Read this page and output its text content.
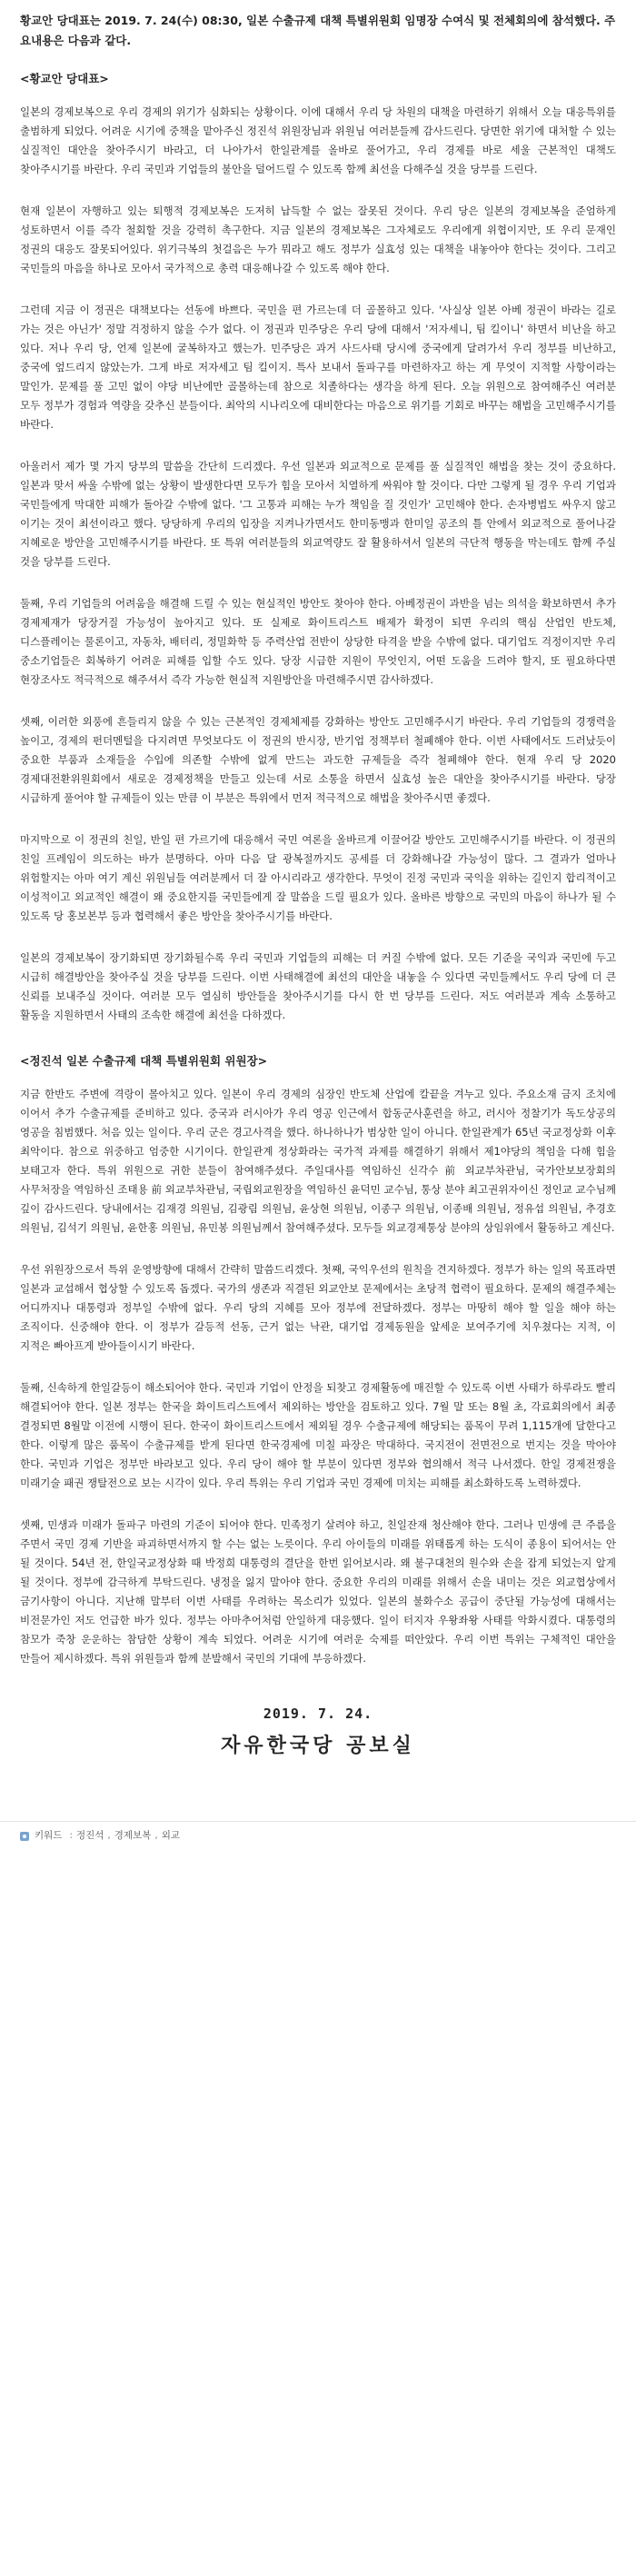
황교안 당대표는 2019. 7. 24(수) 08:30, 일본 수출규제 대책 특별위원회 임명장 수여식 및 전체회의에 참석했다. 주요내용은 다음과 같다.

<황교안 당대표>

일본의 경제보복으로 우리 경제의 위기가 심화되는 상황이다. 이에 대해서 우리 당 차원의 대책을 마련하기 위해서 오늘 대응특위를 출범하게 되었다. 어려운 시기에 중책을 맡아주신 정진석 위원장님과 위원님 여러분들께 감사드린다. 당면한 위기에 대처할 수 있는 실질적인 대안을 찾아주시기 바라고, 더 나아가서 한일관계를 올바로 풀어가고, 우리 경제를 바로 세울 근본적인 대책도 찾아주시기를 바란다. 우리 국민과 기업들의 불안을 덜어드릴 수 있도록 함께 최선을 다해주실 것을 당부를 드린다.

현재 일본이 자행하고 있는 퇴행적 경제보복은 도저히 납득할 수 없는 잘못된 것이다. 우리 당은 일본의 경제보복을 준엄하게 성토하면서 이를 즉각 철회할 것을 강력히 촉구한다. 지금 일본의 경제보복은 그자체로도 우리에게 위협이지만, 또 우리 문재인 정권의 대응도 잘못되어있다. 위기극복의 첫걸음은 누가 뭐라고 해도 정부가 실효성 있는 대책을 내놓아야 한다는 것이다. 그리고 국민들의 마음을 하나로 모아서 국가적으로 총력 대응해나갈 수 있도록 해야 한다.

그런데 지금 이 정권은 대책보다는 선동에 바쁘다. 국민을 편 가르는데 더 골몰하고 있다. '사실상 일본 아베 정권이 바라는 길로 가는 것은 아닌가' 정말 걱정하지 않을 수가 없다. 이 정권과 민주당은 우리 당에 대해서 '저자세니, 팀 킬이니' 하면서 비난을 하고 있다. 저나 우리 당, 언제 일본에 굴복하자고 했는가. 민주당은 과거 사드사태 당시에 중국에게 달려가서 우리 정부를 비난하고, 중국에 엎드리지 않았는가. 그게 바로 저자세고 팀 킬이지. 특사 보내서 돌파구를 마련하자고 하는 게 무엇이 지적할 사항이라는 말인가. 문제를 풀 고민 없이 야당 비난에만 골몰하는데 참으로 치졸하다는 생각을 하게 된다. 오늘 위원으로 참여해주신 여러분 모두 정부가 경험과 역량을 갖추신 분들이다. 최악의 시나리오에 대비한다는 마음으로 위기를 기회로 바꾸는 해법을 고민해주시기를 바란다.

아울러서 제가 몇 가지 당부의 말씀을 간단히 드리겠다. 우선 일본과 외교적으로 문제를 풀 실질적인 해법을 찾는 것이 중요하다. 일본과 맞서 싸울 수밖에 없는 상황이 발생한다면 모두가 힘을 모아서 치열하게 싸워야 할 것이다. 다만 그렇게 될 경우 우리 기업과 국민들에게 막대한 피해가 돌아갈 수밖에 없다. '그 고통과 피해는 누가 책임을 질 것인가' 고민해야 한다. 손자병법도 싸우지 않고 이기는 것이 최선이라고 했다. 당당하게 우리의 입장을 지켜나가면서도 한미동맹과 한미일 공조의 틀 안에서 외교적으로 풀어나갈 지혜로운 방안을 고민해주시기를 바란다. 또 특위 여러분들의 외교역량도 잘 활용하셔서 일본의 극단적 행동을 막는데도 함께 주실 것을 당부를 드린다.

둘째, 우리 기업들의 어려움을 해결해 드릴 수 있는 현실적인 방안도 찾아야 한다. 아베정권이 과반을 넘는 의석을 확보하면서 추가 경제제재가 당장거질 가능성이 높아지고 있다. 또 실제로 화이트리스트 배제가 확정이 되면 우리의 핵심 산업인 반도체, 디스플레이는 물론이고, 자동차, 배터리, 정밀화학 등 주력산업 전반이 상당한 타격을 받을 수밖에 없다. 대기업도 걱정이지만 우리 중소기업들은 회복하기 어려운 피해를 입할 수도 있다. 당장 시급한 지원이 무엇인지, 어떤 도움을 드려야 할지, 또 필요하다면 현장조사도 적극적으로 해주셔서 즉각 가능한 현실적 지원방안을 마련해주시면 감사하겠다.

셋째, 이러한 외풍에 흔들리지 않을 수 있는 근본적인 경제체제를 강화하는 방안도 고민해주시기 바란다. 우리 기업들의 경쟁력을 높이고, 경제의 펀더멘털을 다지려면 무엇보다도 이 정권의 반시장, 반기업 정책부터 철폐해야 한다. 이번 사태에서도 드러났듯이 중요한 부품과 소재들을 수입에 의존할 수밖에 없게 만드는 과도한 규제들을 즉각 철폐해야 한다. 현재 우리 당 2020 경제대전환위원회에서 새로운 경제정책을 만들고 있는데 서로 소통을 하면서 실효성 높은 대안을 찾아주시기를 바란다. 당장 시급하게 풀어야 할 규제들이 있는 만큼 이 부분은 특위에서 먼저 적극적으로 해법을 찾아주시면 좋겠다.

마지막으로 이 정권의 친일, 반일 편 가르기에 대응해서 국민 여론을 올바르게 이끌어갈 방안도 고민해주시기를 바란다. 이 정권의 친일 프레임이 의도하는 바가 분명하다. 아마 다음 달 광복절까지도 공세를 더 강화해나갈 가능성이 많다. 그 결과가 얼마나 위험할지는 아마 여기 계신 위원님들 여러분께서 더 잘 아시리라고 생각한다. 무엇이 진정 국민과 국익을 위하는 길인지 합리적이고 이성적이고 외교적인 해결이 왜 중요한지를 국민들에게 잘 말씀을 드릴 필요가 있다. 올바른 방향으로 국민의 마음이 하나가 될 수 있도록 당 홍보본부 등과 협력해서 좋은 방안을 찾아주시기를 바란다.

일본의 경제보복이 장기화되면 장기화될수록 우리 국민과 기업들의 피해는 더 커질 수밖에 없다. 모든 기준을 국익과 국민에 두고 시급히 해결방안을 찾아주실 것을 당부를 드린다. 이번 사태해결에 최선의 대안을 내놓을 수 있다면 국민들께서도 우리 당에 더 큰 신뢰를 보내주실 것이다. 여러분 모두 열심히 방안들을 찾아주시기를 다시 한 번 당부를 드린다. 저도 여러분과 계속 소통하고 활동을 지원하면서 사태의 조속한 해결에 최선을 다하겠다.

<정진석 일본 수출규제 대책 특별위원회 위원장>

지금 한반도 주변에 격랑이 몰아치고 있다. 일본이 우리 경제의 심장인 반도체 산업에 칼끝을 겨누고 있다. 주요소재 금지 조치에 이어서 추가 수출규제를 준비하고 있다. 중국과 러시아가 우리 영공 인근에서 합동군사훈련을 하고, 러시아 정찰기가 독도상공의 영공을 침범했다. 처음 있는 일이다. 우리 군은 경고사격을 했다. 하나하나가 범상한 일이 아니다. 한일관계가 65년 국교정상화 이후 최악이다. 참으로 위중하고 엄중한 시기이다. 한일관계 정상화라는 국가적 과제를 해결하기 위해서 제1야당의 책임을 다해 힘을 보태고자 한다. 특위 위원으로 귀한 분들이 참여해주셨다. 주일대사를 역임하신 신각수 前 외교부차관님, 국가안보보장회의 사무처장을 역임하신 조태용 前 외교부차관님, 국립외교원장을 역임하신 윤덕민 교수님, 통상 분야 최고권위자이신 정인교 교수님께 깊이 감사드린다. 당내에서는 김재경 의원님, 김광림 의원님, 윤상현 의원님, 이종구 의원님, 이종배 의원님, 정유섭 의원님, 추경호 의원님, 김석기 의원님, 윤한홍 의원님, 유민봉 의원님께서 참여해주셨다. 모두들 외교경제통상 분야의 상임위에서 활동하고 계신다.

우선 위원장으로서 특위 운영방향에 대해서 간략히 말씀드리겠다. 첫째, 국익우선의 원칙을 견지하겠다. 정부가 하는 일의 목표라면 일본과 교섭해서 협상할 수 있도록 돕겠다. 국가의 생존과 직결된 외교안보 문제에서는 초당적 협력이 필요하다. 문제의 해결주체는 어디까지나 대통령과 정부일 수밖에 없다. 우리 당의 지혜를 모아 정부에 전달하겠다. 정부는 마땅히 해야 할 일을 해야 하는 조직이다. 신중해야 한다. 이 정부가 갈등적 선동, 근거 없는 낙관, 대기업 경제동원을 앞세운 보여주기에 치우쳤다는 지적, 이 지적은 빠아프게 받아들이시기 바란다.

둘째, 신속하게 한일갈등이 해소되어야 한다. 국민과 기업이 안정을 되찾고 경제활동에 매진할 수 있도록 이번 사태가 하루라도 빨리 해결되어야 한다. 일본 정부는 한국을 화이트리스트에서 제외하는 방안을 검토하고 있다. 7월 말 또는 8월 초, 각료회의에서 최종 결정되면 8월말 이전에 시행이 된다. 한국이 화이트리스트에서 제외될 경우 수출규제에 해당되는 품목이 무려 1,115개에 달한다고 한다. 이렇게 많은 품목이 수출규제를 받게 된다면 한국경제에 미칠 파장은 막대하다. 국지전이 전면전으로 번지는 것을 막아야 한다. 국민과 기업은 정부만 바라보고 있다. 우리 당이 해야 할 부분이 있다면 정부와 협의해서 적극 나서겠다. 한일 경제전쟁을 미래기술 패권 쟁탈전으로 보는 시각이 있다. 우리 특위는 우리 기업과 국민 경제에 미치는 피해를 최소화하도록 노력하겠다.

셋째, 민생과 미래가 돌파구 마련의 기준이 되어야 한다. 민족정기 살려야 하고, 친일잔재 청산해야 한다. 그러나 민생에 큰 주름을 주면서 국민 경제 기반을 파괴하면서까지 할 수는 없는 노릇이다. 우리 아이들의 미래를 위태롭게 하는 도식이 종용이 되어서는 안 될 것이다. 54년 전, 한일국교정상화 때 박정희 대통령의 결단을 한번 읽어보시라. 왜 불구대천의 원수와 손을 잡게 되었는지 알게 될 것이다. 정부에 감극하게 부탁드린다. 냉정을 잃지 말아야 한다. 중요한 우리의 미래를 위해서 손을 내미는 것은 외교협상에서 금기사항이 아니다. 지난해 말부터 이번 사태를 우려하는 목소리가 있었다. 일본의 불화수소 공급이 중단될 가능성에 대해서는 비전문가인 저도 언급한 바가 있다. 정부는 아마추어처럼 안일하게 대응했다. 일이 터지자 우왕좌왕 사태를 악화시켰다. 대통령의 참모가 죽창 운운하는 참담한 상황이 계속 되었다. 어려운 시기에 여러운 숙제를 떠안았다. 우리 이번 특위는 구체적인 대안을 만들어 제시하겠다. 특위 위원들과 함께 분발해서 국민의 기대에 부응하겠다.

2019. 7. 24.
자유한국당 공보실
키워드 : 정진석 , 경제보복 , 외교
